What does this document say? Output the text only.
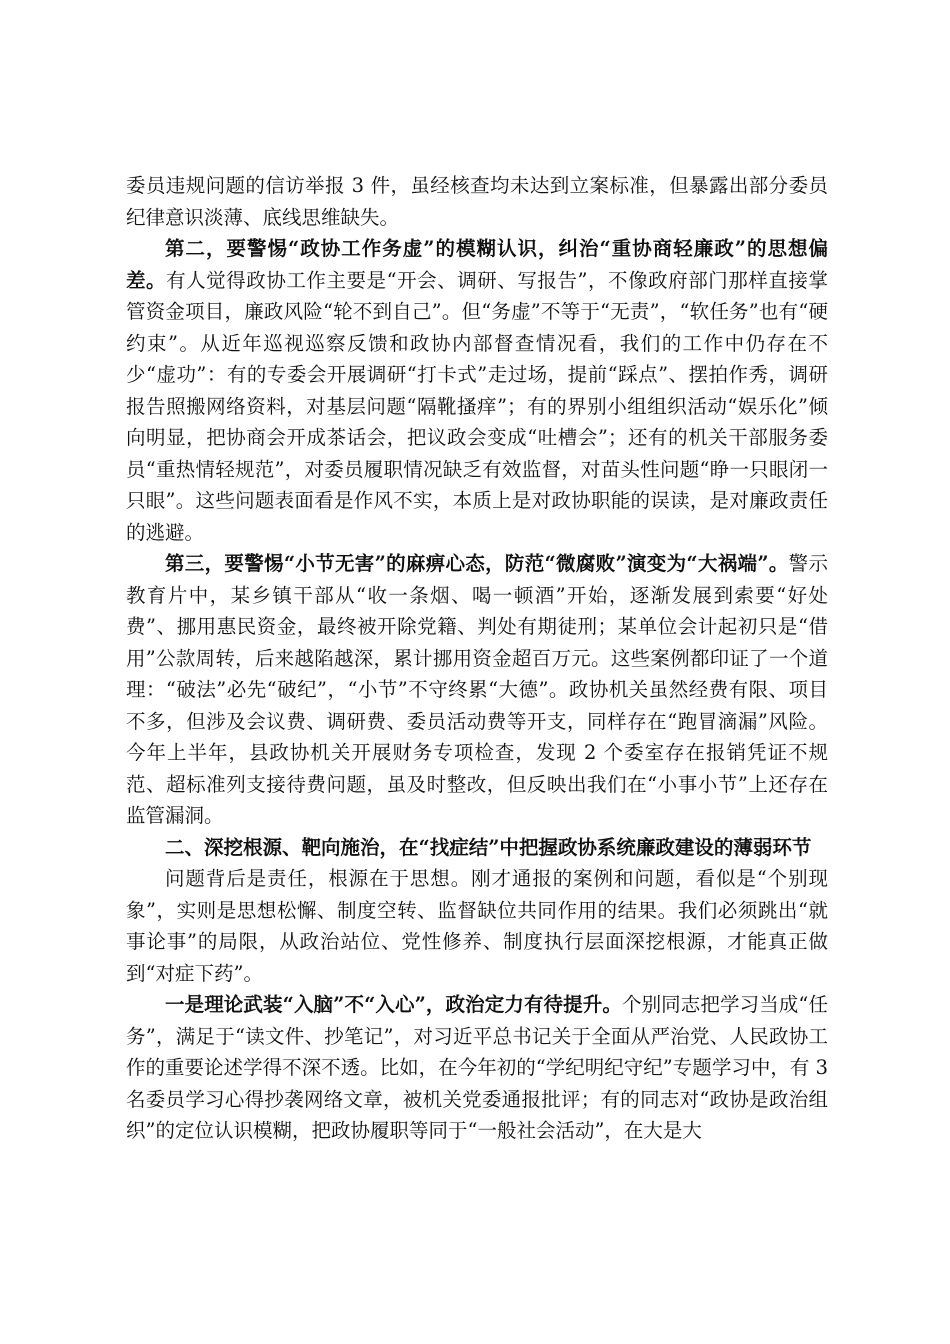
委员违规问题的信访举报 3 件，虽经核查均未达到立案标准，但暴露出部分委员纪律意识淡薄、底线思维缺失。

第二，要警惕“政协工作务虚”的模糊认识，纠治“重协商轻廉政”的思想偏差。有人觉得政协工作主要是“开会、调研、写报告”，不像政府部门那样直接掌管资金项目，廉政风险“轮不到自己”。但“务虚”不等于“无责”，“软任务”也有“硬约束”。从近年巡视巡察反馈和政协内部督查情况看，我们的工作中仍存在不少“虚功”：有的专委会开展调研“打卡式”走过场，提前“踩点”、摆拍作秀，调研报告照搬网络资料，对基层问题“隔靴搔痒”；有的界别小组组织活动“娱乐化”倾向明显，把协商会开成茶话会，把议政会变成“吐槽会”；还有的机关干部服务委员“重热情轻规范”，对委员履职情况缺乏有效监督，对苗头性问题“睁一只眼闭一只眼”。这些问题表面看是作风不实，本质上是对政协职能的误读，是对廉政责任的逃避。

第三，要警惕“小节无害”的麻痹心态，防范“微腐败”演变为“大祸端”。警示教育片中，某乡镇干部从“收一条烟、喝一顿酒”开始，逐渐发展到索要“好处费”、挪用惠民资金，最终被开除党籍、判处有期徒刑；某单位会计起初只是“借用”公款周转，后来越陷越深，累计挪用资金超百万元。这些案例都印证了一个道理：“破法”必先“破纪”，“小节”不守终累“大德”。政协机关虽然经费有限、项目不多，但涉及会议费、调研费、委员活动费等开支，同样存在“跑冒滴漏”风险。今年上半年，县政协机关开展财务专项检查，发现 2 个委室存在报销凭证不规范、超标准列支接待费问题，虽及时整改，但反映出我们在“小事小节”上还存在监管漏洞。

二、深挖根源、靶向施治，在“找症结”中把握政协系统廉政建设的薄弱环节

问题背后是责任，根源在于思想。刚才通报的案例和问题，看似是“个别现象”，实则是思想松懈、制度空转、监督缺位共同作用的结果。我们必须跳出“就事论事”的局限，从政治站位、党性修养、制度执行层面深挖根源，才能真正做到“对症下药”。

一是理论武装“入脑”不“入心”，政治定力有待提升。个别同志把学习当成“任务”，满足于“读文件、抄笔记”，对习近平总书记关于全面从严治党、人民政协工作的重要论述学得不深不透。比如，在今年初的“学纪明纪守纪”专题学习中，有 3 名委员学习心得抄袭网络文章，被机关党委通报批评；有的同志对“政协是政治组织”的定位认识模糊，把政协履职等同于“一般社会活动”，在大是大
